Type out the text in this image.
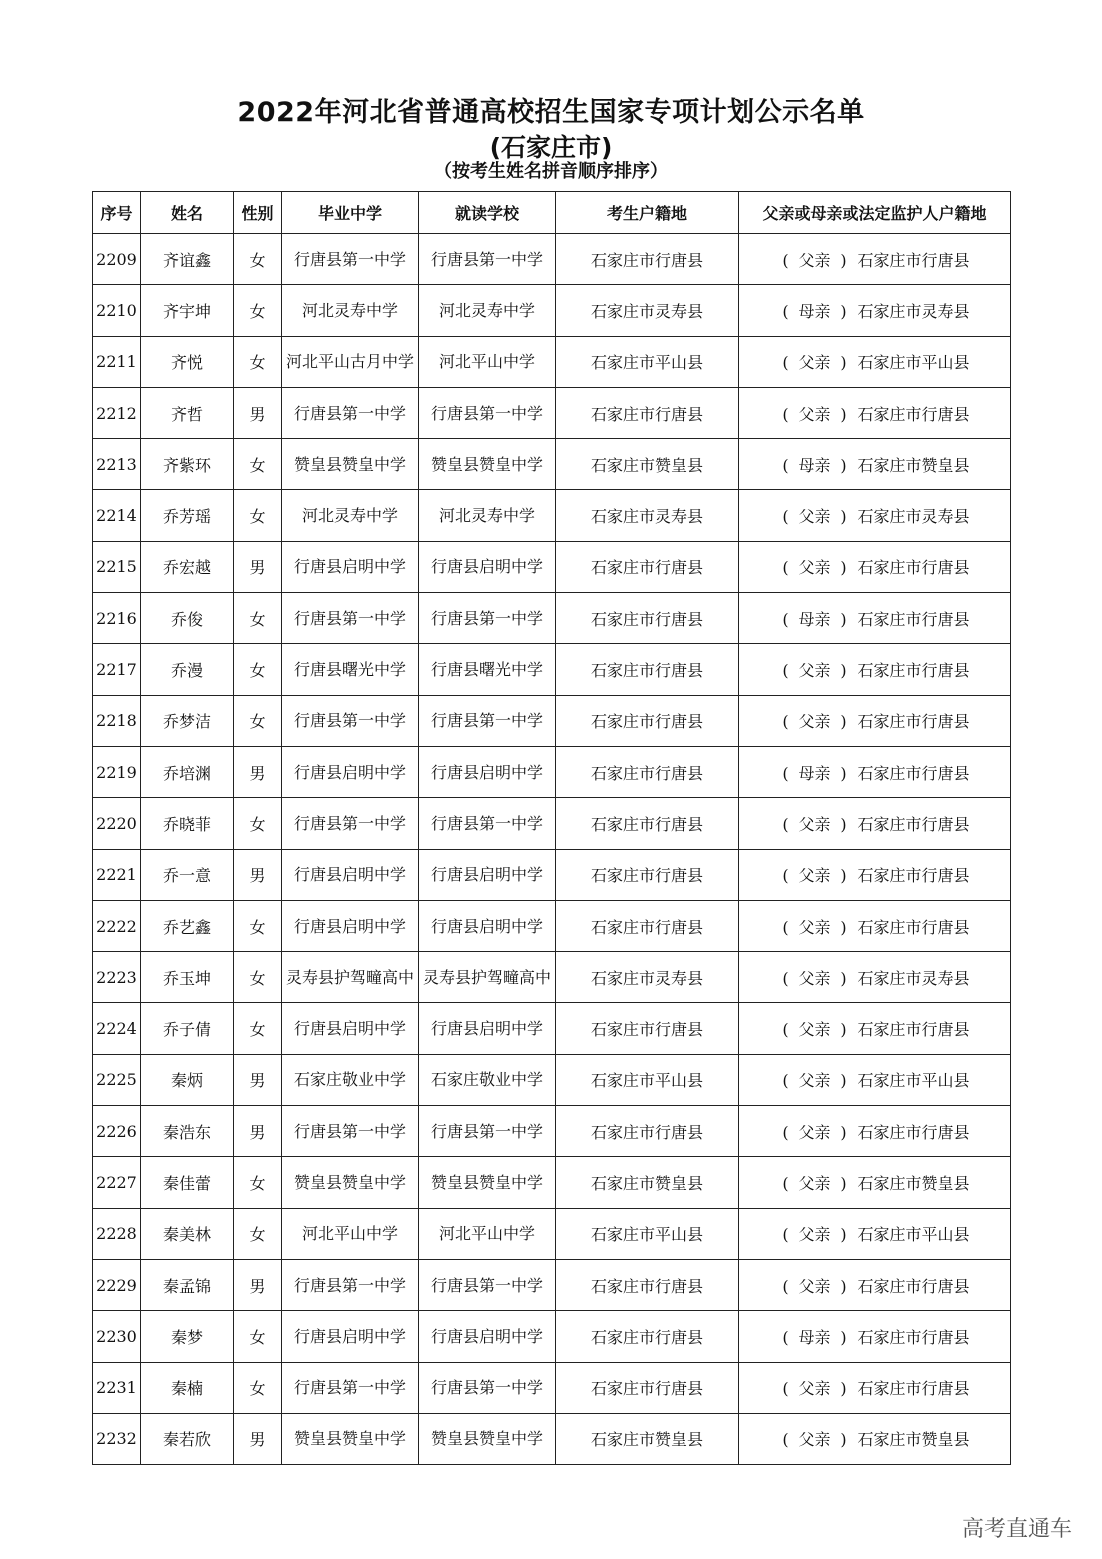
2022年河北省普通高校招生国家专项计划公示名单
(石家庄市)
（按考生姓名拼音顺序排序）
序号	姓名	性别	毕业中学	就读学校	考生户籍地	父亲或母亲或法定监护人户籍地
2209	齐谊鑫	女	行唐县第一中学	行唐县第一中学	石家庄市行唐县	( 父亲 ) 石家庄市行唐县
2210	齐宇坤	女	河北灵寿中学	河北灵寿中学	石家庄市灵寿县	( 母亲 ) 石家庄市灵寿县
2211	齐悦	女	河北平山古月中学	河北平山中学	石家庄市平山县	( 父亲 ) 石家庄市平山县
2212	齐哲	男	行唐县第一中学	行唐县第一中学	石家庄市行唐县	( 父亲 ) 石家庄市行唐县
2213	齐紫环	女	赞皇县赞皇中学	赞皇县赞皇中学	石家庄市赞皇县	( 母亲 ) 石家庄市赞皇县
2214	乔芳瑶	女	河北灵寿中学	河北灵寿中学	石家庄市灵寿县	( 父亲 ) 石家庄市灵寿县
2215	乔宏越	男	行唐县启明中学	行唐县启明中学	石家庄市行唐县	( 父亲 ) 石家庄市行唐县
2216	乔俊	女	行唐县第一中学	行唐县第一中学	石家庄市行唐县	( 母亲 ) 石家庄市行唐县
2217	乔漫	女	行唐县曙光中学	行唐县曙光中学	石家庄市行唐县	( 父亲 ) 石家庄市行唐县
2218	乔梦洁	女	行唐县第一中学	行唐县第一中学	石家庄市行唐县	( 父亲 ) 石家庄市行唐县
2219	乔培渊	男	行唐县启明中学	行唐县启明中学	石家庄市行唐县	( 母亲 ) 石家庄市行唐县
2220	乔晓菲	女	行唐县第一中学	行唐县第一中学	石家庄市行唐县	( 父亲 ) 石家庄市行唐县
2221	乔一意	男	行唐县启明中学	行唐县启明中学	石家庄市行唐县	( 父亲 ) 石家庄市行唐县
2222	乔艺鑫	女	行唐县启明中学	行唐县启明中学	石家庄市行唐县	( 父亲 ) 石家庄市行唐县
2223	乔玉坤	女	灵寿县护驾疃高中	灵寿县护驾疃高中	石家庄市灵寿县	( 父亲 ) 石家庄市灵寿县
2224	乔子倩	女	行唐县启明中学	行唐县启明中学	石家庄市行唐县	( 父亲 ) 石家庄市行唐县
2225	秦炳	男	石家庄敬业中学	石家庄敬业中学	石家庄市平山县	( 父亲 ) 石家庄市平山县
2226	秦浩东	男	行唐县第一中学	行唐县第一中学	石家庄市行唐县	( 父亲 ) 石家庄市行唐县
2227	秦佳蕾	女	赞皇县赞皇中学	赞皇县赞皇中学	石家庄市赞皇县	( 父亲 ) 石家庄市赞皇县
2228	秦美林	女	河北平山中学	河北平山中学	石家庄市平山县	( 父亲 ) 石家庄市平山县
2229	秦孟锦	男	行唐县第一中学	行唐县第一中学	石家庄市行唐县	( 父亲 ) 石家庄市行唐县
2230	秦梦	女	行唐县启明中学	行唐县启明中学	石家庄市行唐县	( 母亲 ) 石家庄市行唐县
2231	秦楠	女	行唐县第一中学	行唐县第一中学	石家庄市行唐县	( 父亲 ) 石家庄市行唐县
2232	秦若欣	男	赞皇县赞皇中学	赞皇县赞皇中学	石家庄市赞皇县	( 父亲 ) 石家庄市赞皇县
高考直通车
